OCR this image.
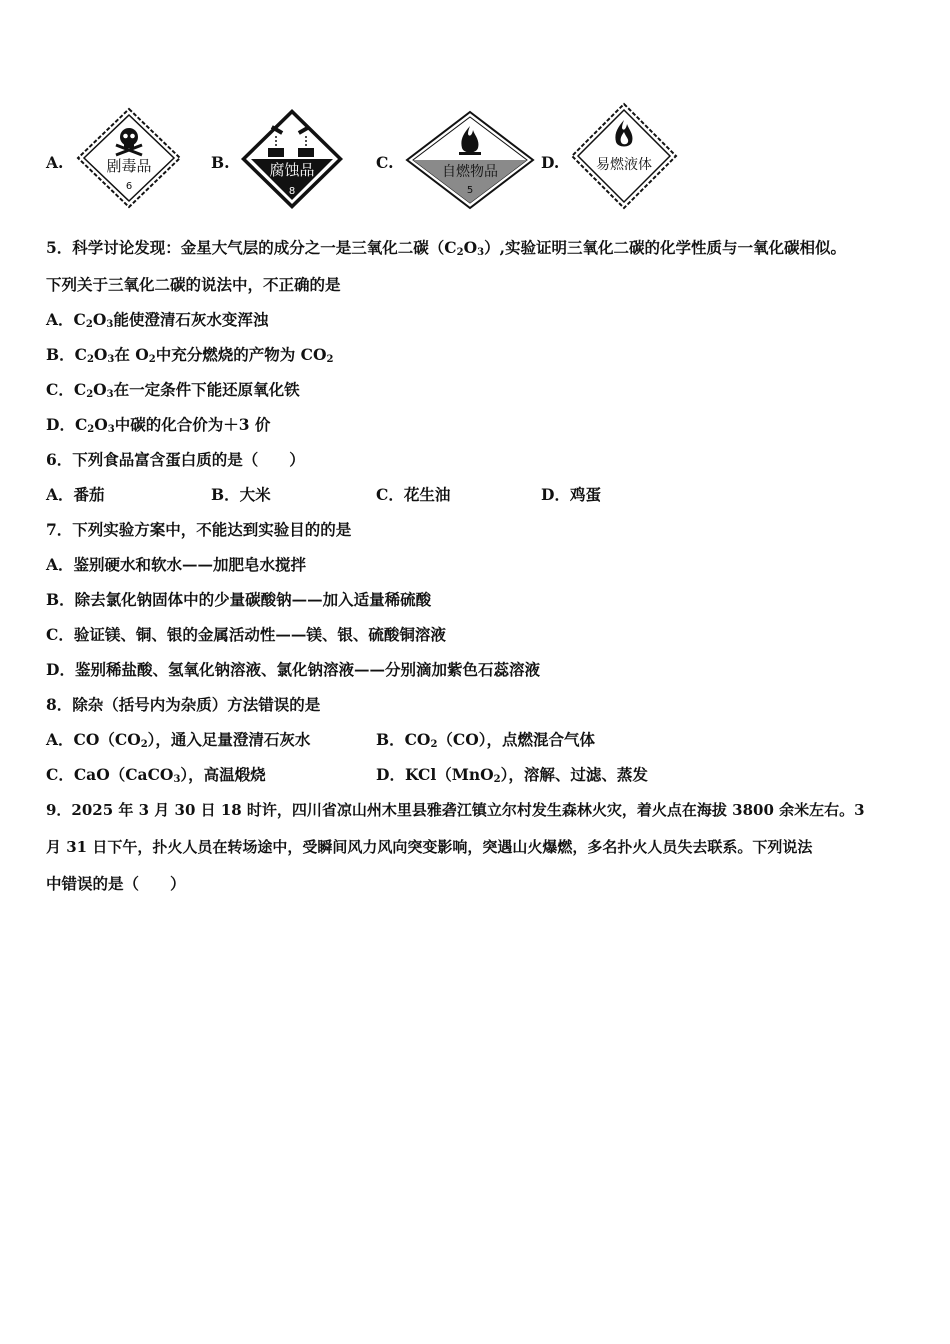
A.	剧毒品
6
B.	腐蚀品
8
C.	自燃物品
5
D.	易燃液体
5．科学讨论发现：金星大气层的成分之一是三氧化二碳$(C_2O_3)$,实验证明三氧化二碳的化学性质与一氧化碳相似。
下列关于三氧化二碳的说法中，不正确的是
A．$C_2O_3$能使澄清石灰水变浑浊
B．$C_2O_3$在 $O_2$中充分燃烧的产物为 $CO_2$
C．$C_2O_3$在一定条件下能还原氧化铁
D．$C_2O_3$中碳的化合价为＋3 价
6．下列食品富含蛋白质的是（　　）
A．番茄	B．大米	C．花生油	D．鸡蛋
7．下列实验方案中，不能达到实验目的的是
A．鉴别硬水和软水——加肥皂水搅拌
B．除去氯化钠固体中的少量碳酸钠——加入适量稀硫酸
C．验证镁、铜、银的金属活动性——镁、银、硫酸铜溶液
D．鉴别稀盐酸、氢氧化钠溶液、氯化钠溶液——分别滴加紫色石蕊溶液
8．除杂（括号内为杂质）方法错误的是
A．$CO(CO_2)$，通入足量澄清石灰水	B．$CO_2(CO)$，点燃混合气体
C．CaO（CaCO$_3$），高温煅烧	D．KCl（MnO$_2$），溶解、过滤、蒸发
9．2025 年 3 月 30 日 18 时许，四川省凉山州木里县雅砻江镇立尔村发生森林火灾，着火点在海拔 3800 余米左右。3
月 31 日下午，扑火人员在转场途中，受瞬间风力风向突变影响，突遇山火爆燃，多名扑火人员失去联系。下列说法
中错误的是（　　）
